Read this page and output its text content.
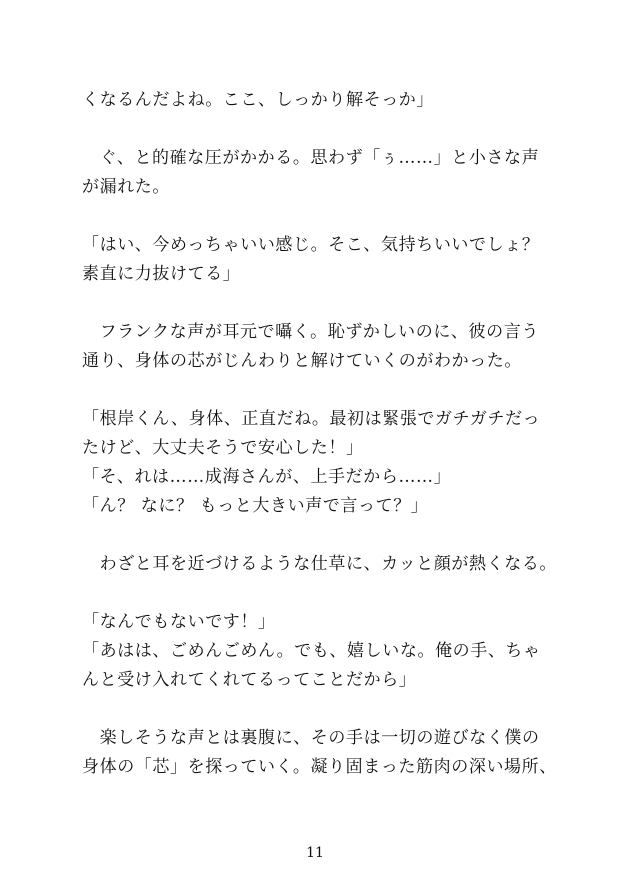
くなるんだよね。ここ、しっかり解そっか」
　ぐ、と的確な圧がかかる。思わず「ぅ……」と小さな声
が漏れた。
「はい、今めっちゃいい感じ。そこ、気持ちいいでしょ？
素直に力抜けてる」
　フランクな声が耳元で囁く。恥ずかしいのに、彼の言う
通り、身体の芯がじんわりと解けていくのがわかった。
「根岸くん、身体、正直だね。最初は緊張でガチガチだっ
たけど、大丈夫そうで安心した！」
「そ、れは……成海さんが、上手だから……」
「ん？ なに？ もっと大きい声で言って？」
　わざと耳を近づけるような仕草に、カッと顔が熱くなる。
「なんでもないです！」
「あはは、ごめんごめん。でも、嬉しいな。俺の手、ちゃ
んと受け入れてくれてるってことだから」
　楽しそうな声とは裏腹に、その手は一切の遊びなく僕の
身体の「芯」を探っていく。凝り固まった筋肉の深い場所、
11
